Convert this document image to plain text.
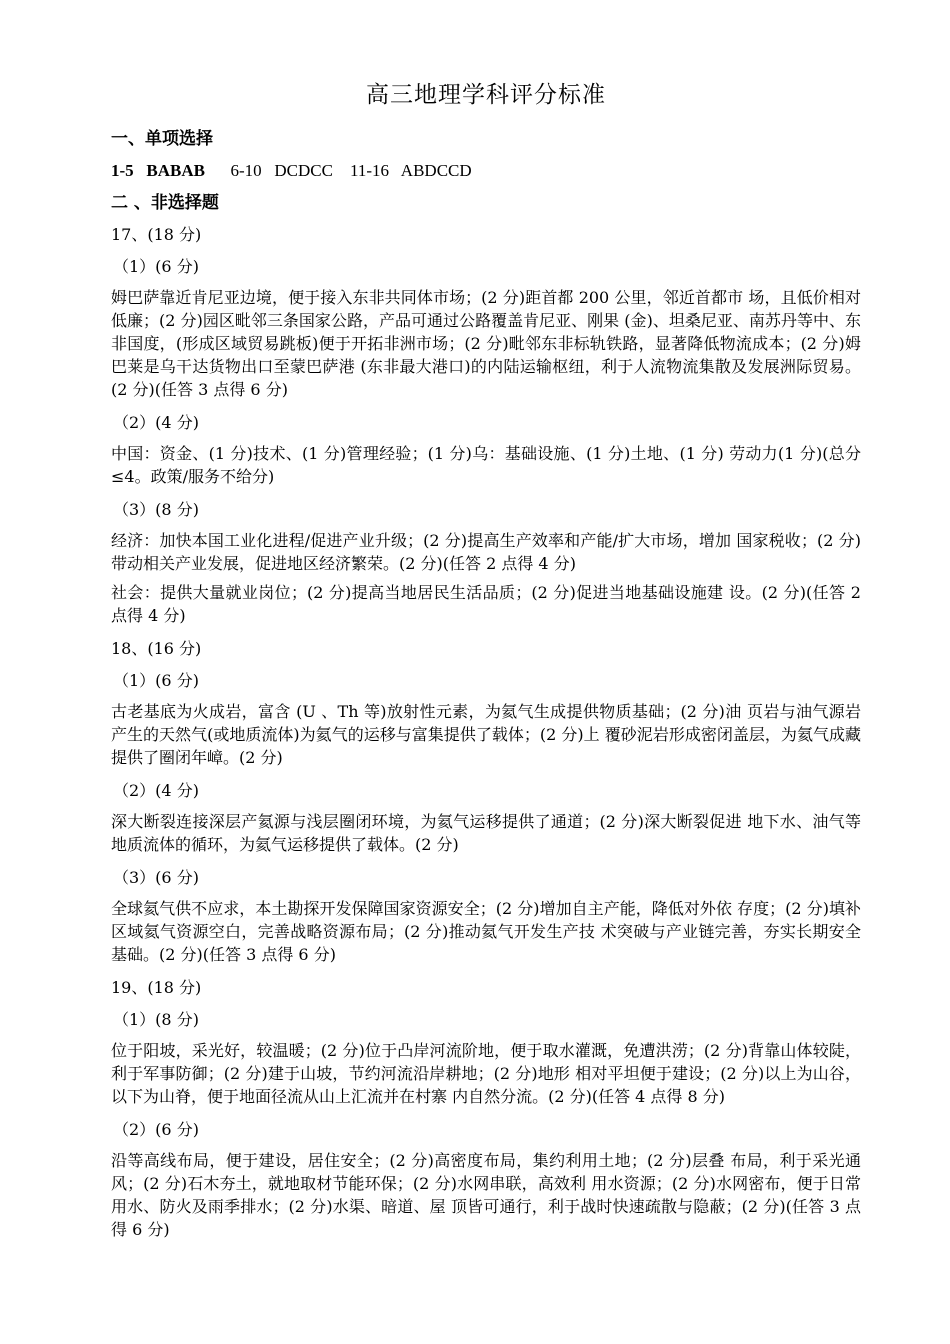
高三地理学科评分标准
一、单项选择
1-5   BABAB      6-10   DCDCC    11-16   ABDCCD
二 、非选择题
17、(18 分)
（1）(6 分)
姆巴萨靠近肯尼亚边境，便于接入东非共同体市场；(2 分)距首都 200 公里，邻近首都市 场，且低价相对低廉；(2 分)园区毗邻三条国家公路，产品可通过公路覆盖肯尼亚、刚果 (金)、坦桑尼亚、南苏丹等中、东非国度，(形成区域贸易跳板)便于开拓非洲市场；(2 分)毗邻东非标轨铁路，显著降低物流成本；(2 分)姆巴莱是乌干达货物出口至蒙巴萨港 (东非最大港口)的内陆运输枢纽，利于人流物流集散及发展洲际贸易。(2 分)(任答 3 点得 6 分)
（2）(4 分)
中国：资金、(1 分)技术、(1 分)管理经验；(1 分)乌：基础设施、(1 分)土地、(1 分) 劳动力(1 分)(总分≤4。政策/服务不给分)
（3）(8 分)
经济：加快本国工业化进程/促进产业升级；(2 分)提高生产效率和产能/扩大市场，增加 国家税收；(2 分)带动相关产业发展，促进地区经济繁荣。(2 分)(任答 2 点得 4 分)
社会：提供大量就业岗位；(2 分)提高当地居民生活品质；(2 分)促进当地基础设施建 设。(2 分)(任答 2 点得 4 分)
18、(16 分)
（1）(6 分)
古老基底为火成岩，富含 (U 、Th 等)放射性元素，为氦气生成提供物质基础；(2 分)油 页岩与油气源岩产生的天然气(或地质流体)为氦气的运移与富集提供了载体；(2 分)上 覆砂泥岩形成密闭盖层，为氦气成藏提供了圈闭年嶂。(2 分)
（2）(4 分)
深大断裂连接深层产氦源与浅层圈闭环境，为氦气运移提供了通道；(2 分)深大断裂促进 地下水、油气等地质流体的循环，为氦气运移提供了载体。(2 分)
（3）(6 分)
全球氦气供不应求，本土勘探开发保障国家资源安全；(2 分)增加自主产能，降低对外依 存度；(2 分)填补区域氦气资源空白，完善战略资源布局；(2 分)推动氦气开发生产技 术突破与产业链完善，夯实长期安全基础。(2 分)(任答 3 点得 6 分)
19、(18 分)
（1）(8 分)
位于阳坡，采光好，较温暖；(2 分)位于凸岸河流阶地，便于取水灌溉，免遭洪涝；(2 分)背靠山体较陡，利于军事防御；(2 分)建于山坡，节约河流沿岸耕地；(2 分)地形 相对平坦便于建设；(2 分)以上为山谷，以下为山脊，便于地面径流从山上汇流并在村寨 内自然分流。(2 分)(任答 4 点得 8 分)
（2）(6 分)
沿等高线布局，便于建设，居住安全；(2 分)高密度布局，集约利用土地；(2 分)层叠 布局，利于采光通风；(2 分)石木夯土，就地取材节能环保；(2 分)水网串联，高效利 用水资源；(2 分)水网密布，便于日常用水、防火及雨季排水；(2 分)水渠、暗道、屋 顶皆可通行，利于战时快速疏散与隐蔽；(2 分)(任答 3 点得 6 分)
